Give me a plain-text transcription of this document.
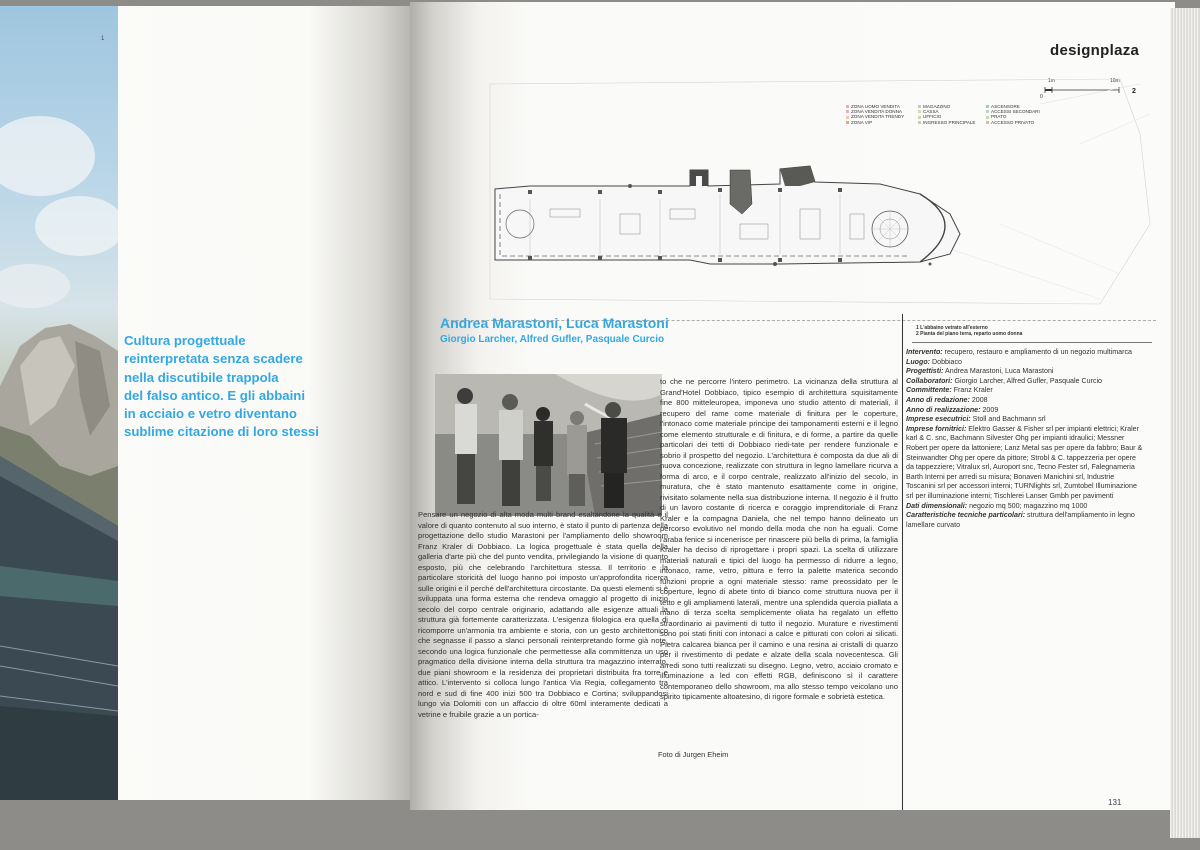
1
Cultura progettuale
reinterpretata senza scadere
nella discutibile trappola
del falso antico. E gli abbaini
in acciaio e vetro diventano
sublime citazione di loro stessi
designplaza
0
1m	10m
2
ZONA UOMO VENDITA
ZONA VENDITA DONNA
ZONA VENDITA TRENDY
ZONA VIP
MAGAZZINO
CASSA
UFFICIO
INGRESSO PRINCIPALE
ASCENSORE
ACCESSI SECONDARI
PRATO
ACCESSO PRIVATO
Andrea Marastoni, Luca Marastoni
Giorgio Larcher, Alfred Gufler, Pasquale Curcio
Pensare un negozio di alta moda multi brand esaltandone la qualità e il valore di quanto contenuto al suo interno, è stato il punto di partenza della progettazione dello studio Marastoni per l'ampliamento dello showroom Franz Kraler di Dobbiaco. La logica progettuale è stata quella della galleria d'arte più che del punto vendita, privilegiando la visione di quanto esposto, più che celebrando l'architettura stessa. Il territorio e la particolare storicità del luogo hanno poi imposto un'approfondita ricerca sulle origini e il perché dell'architettura circostante. Da questi elementi si è sviluppata una forma esterna che rendeva omaggio al progetto di inizio secolo del corpo centrale originario, adattando alle esigenze attuali la struttura già fortemente caratterizzata. L'esigenza filologica era quella di ricomporre un'armonia tra ambiente e storia, con un gesto architettonico che segnasse il passo a slanci personali reinterpretando forme già note, secondo una logica funzionale che permettesse alla committenza un uso pragmatico della divisione interna della struttura tra magazzino interrato, due piani showroom e la residenza dei proprietari distribuita fra torre e attico. L'intervento si colloca lungo l'antica Via Regia, collegamento tra nord e sud di fine 400 inizi 500 tra Dobbiaco e Cortina; sviluppandosi lungo via Dolomiti con un affaccio di oltre 60ml interamente dedicati a vetrine e fruibile grazie a un portica-
to che ne percorre l'intero perimetro. La vicinanza della struttura al Grand'Hotel Dobbiaco, tipico esempio di architettura squisitamente fine 800 mitteleuropea, imponeva uno studio attento di materiali, il recupero del rame come materiale di finitura per le coperture, l'intonaco come materiale principe dei tamponamenti esterni e il legno come elemento strutturale e di finitura, e di forme, a partire da quelle particolari dei tetti di Dobbiaco riedi-tate per rendere funzionale e sobrio il prospetto del negozio. L'architettura è composta da due ali di nuova concezione, realizzate con struttura in legno lamellare ricurva a forma di arco, e il corpo centrale, realizzato all'inizio del secolo, in muratura, che è stato mantenuto esattamente come in origine, rivisitato solamente nella sua distribuzione interna. Il negozio è il frutto di un lavoro costante di ricerca e coraggio imprenditoriale di Franz Kraler e la compagna Daniela, che nel tempo hanno delineato un percorso evolutivo nel mondo della moda che non ha eguali. Come l'araba fenice si incenerisce per rinascere più bella di prima, la famiglia Kraler ha deciso di riprogettare i propri spazi. La scelta di utilizzare materiali naturali e tipici del luogo ha permesso di ridurre a legno, intonaco, rame, vetro, pittura e ferro la palette materica secondo funzioni proprie a ogni materiale stesso: rame preossidato per le coperture, legno di abete tinto di bianco come struttura nuova per il tetto e gli ampliamenti laterali, mentre una splendida quercia piallata a mano di terza scelta semplicemente oliata ha regalato un effetto straordinario ai pavimenti di tutto il negozio. Murature e rivestimenti sono poi stati finiti con intonaci a calce e pitturati con colori ai silicati. Pietra calcarea bianca per il camino e una resina ai cristalli di quarzo per il rivestimento di pedate e alzate della scala novecentesca. Gli arredi sono tutti realizzati su disegno. Legno, vetro, acciaio cromato e illuminazione a led con effetti RGB, definiscono sì il carattere contemporaneo dello showroom, ma allo stesso tempo veicolano uno spirito tipicamente altoatesino, di rigore formale e sobrietà estetica.
Foto di Jurgen Eheim
1 L'abbaino vetrato all'esterno
2 Pianta del piano terra, reparto uomo donna
Intervento: recupero, restauro e ampliamento di un negozio multimarca
Luogo: Dobbiaco
Progettisti: Andrea Marastoni, Luca Marastoni
Collaboratori: Giorgio Larcher, Alfred Gufler, Pasquale Curcio
Committente: Franz Kraler
Anno di redazione: 2008
Anno di realizzazione: 2009
Imprese esecutrici: Stoll and Bachmann srl
Imprese fornitrici: Elektro Gasser & Fisher srl per impianti elettrici; Kraler karl & C. snc, Bachmann Silvester Ohg per impianti idraulici; Messner Robert per opere da lattoniere; Lanz Metal sas per opere da fabbro; Baur & Steinwandter Ohg per opere da pittore; Strobl & C. tappezzeria per opere da tappezziere; Vitralux srl, Auroport snc, Tecno Fester srl, Falegnameria Barth Interni per arredi su misura; Bonaveri Manichini srl, Industrie Toscanini srl per accessori interni; TURNlights srl, Zumtobel Illuminazione srl per illuminazione interni; Tischlerei Lanser Gmbh per pavimenti
Dati dimensionali: negozio mq 500; magazzino mq 1000
Caratteristiche tecniche particolari: struttura dell'ampliamento in legno lamellare curvato
131
